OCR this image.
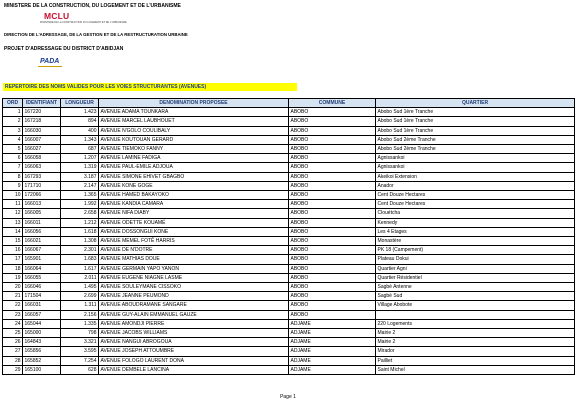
MINISTERE DE LA CONSTRUCTION, DU LOGEMENT ET DE L'URBANISME
MCLU
MINISTERE DE LA CONSTRUCTION DU LOGEMENT ET DE L'URBANISME
DIRECTION DE L'ADRESSAGE, DE LA GESTION ET DE LA RESTRUCTURATION URBAINE
PROJET D'ADRESSAGE DU DISTRICT D'ABIDJAN
PADA
REPERTOIRE DES NOMS VALIDES POUR LES VOIES STRUCTURANTES (AVENUES)
ORD	IDENTIFIANT	LONGUEUR	DENOMINATION PROPOSEE	COMMUNE	QUARTIER
1	167220	1.423	AVENUE ADAMA TOUNKARA	ABOBO	Abobo Sud 1ère Tranche
2	167218	894	AVENUE MARCEL LAUBHOUET	ABOBO	Abobo Sud 1ère Tranche
3	166030	400	AVENUE N'GOLO COULIBALY	ABOBO	Abobo Sud 1ère Tranche
4	166007	1.343	AVENUE KOUTOUAN GERARD	ABOBO	Abobo Sud 2ème Tranche
5	166027	687	AVENUE TIEMOKO FANNY	ABOBO	Abobo Sud 2ème Tranche
6	166058	1.207	AVENUE LAMINE FADIGA	ABOBO	Agnissankoi
7	166063	1.319	AVENUE PAUL-EMILE ADJOUA	ABOBO	Agnissankoi
8	167293	3.187	AVENUE SIMONE EHIVET GBAGBO	ABOBO	Akeikoi Extension
9	171710	2.147	AVENUE KONE GOGE	ABOBO	Anador
10	172066	1.365	AVENUE HAMED BAKAYOKO	ABOBO	Cent Douze Hectares
11	166013	1.992	AVENUE KANDIA CAMARA	ABOBO	Cent Douze Hectares
12	166005	2.658	AVENUE NIFA DIABY	ABOBO	Clouétcha
13	166011	1.212	AVENUE ODETTE KOUAMÉ	ABOBO	Kennedy
14	166056	1.618	AVENUE DOSSONGUI KONE	ABOBO	Les 4 Etages
15	166021	1.308	AVENUE MEMEL FOTÊ HARRIS	ABOBO	Monastère
16	166067	2.301	AVENUE DE N'DOTRE	ABOBO	PK 18 (Campement)
17	165901	1.683	AVENUE MATHIAS DOUE	ABOBO	Plateau Dokui
18	166064	1.617	AVENUE GERMAIN YAPO YANON	ABOBO	Quartier Agni
19	166055	2.011	AVENUE EUGENE NIAGNE LASME	ABOBO	Quartier Résidentiel
20	166046	1.495	AVENUE SOULEYMANE CISSOKO	ABOBO	Sagbé Antenne
21	171504	2.699	AVENUE JEANNE PEUMOND	ABOBO	Sagbé Sud
22	166031	1.311	AVENUE ABOUDRAMANE SANGARE	ABOBO	Village Abobote
23	166057	2.156	AVENUE GUY-ALAIN EMMANUEL GAUZE	ABOBO	
24	165044	1.335	AVENUE AMONDJI PIERRE	ADJAME	220 Logements
25	165000	798	AVENUE JACOBS WILLIAMS	ADJAME	Mairie 2
26	164843	3.321	AVENUE NANGUI ABROGOUA	ADJAME	Mairie 2
27	165856	3.595	AVENUE JOSEPH ATTOUMBRE	ADJAME	Mirador
28	165852	7.254	AVENUE FOLOGO LAURENT DONA	ADJAME	Pailliet
29	165100	628	AVENUE DEMBELE LANCINA	ADJAME	Saint Michel
Page 1
